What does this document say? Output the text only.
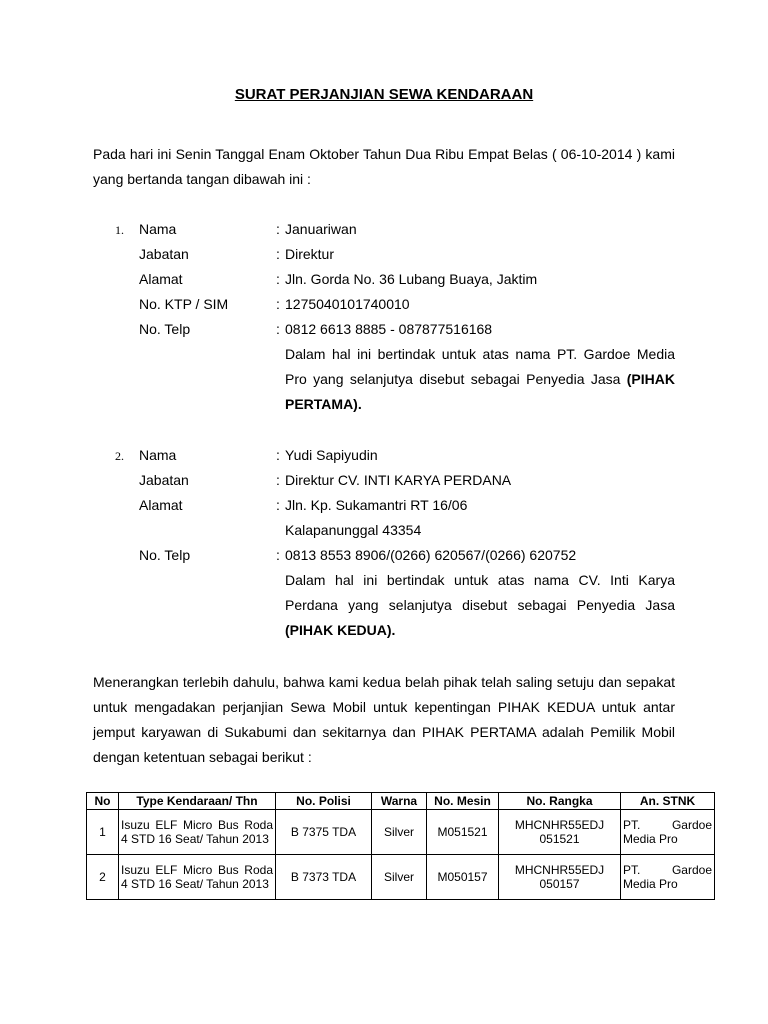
SURAT PERJANJIAN SEWA KENDARAAN
Pada hari ini Senin Tanggal Enam Oktober Tahun Dua Ribu Empat Belas ( 06-10-2014 ) kami yang bertanda tangan dibawah ini :
1. Nama	: Januariwan
Jabatan	: Direktur
Alamat	: Jln. Gorda No. 36 Lubang Buaya, Jaktim
No. KTP / SIM	: 1275040101740010
No. Telp	: 0812 6613 8885 - 087877516168
Dalam hal ini bertindak untuk atas nama PT. Gardoe Media Pro yang selanjutya disebut sebagai Penyedia Jasa (PIHAK PERTAMA).
2. Nama	: Yudi Sapiyudin
Jabatan	: Direktur CV. INTI KARYA PERDANA
Alamat	: Jln. Kp. Sukamantri RT 16/06
Kalapanunggal 43354
No. Telp	: 0813 8553 8906/(0266) 620567/(0266) 620752
Dalam hal ini bertindak untuk atas nama CV. Inti Karya Perdana yang selanjutya disebut sebagai Penyedia Jasa (PIHAK KEDUA).
Menerangkan terlebih dahulu, bahwa kami kedua belah pihak telah saling setuju dan sepakat untuk mengadakan perjanjian Sewa Mobil untuk kepentingan PIHAK KEDUA untuk antar jemput karyawan di Sukabumi dan sekitarnya dan PIHAK PERTAMA adalah Pemilik Mobil dengan ketentuan sebagai berikut :
No	Type Kendaraan/ Thn	No. Polisi	Warna	No. Mesin	No. Rangka	An. STNK
1	Isuzu ELF Micro Bus Roda 4 STD 16 Seat/ Tahun 2013	B 7375 TDA	Silver	M051521	MHCNHR55EDJ 051521	PT. Gardoe Media Pro
2	Isuzu ELF Micro Bus Roda 4 STD 16 Seat/ Tahun 2013	B 7373 TDA	Silver	M050157	MHCNHR55EDJ 050157	PT. Gardoe Media Pro
